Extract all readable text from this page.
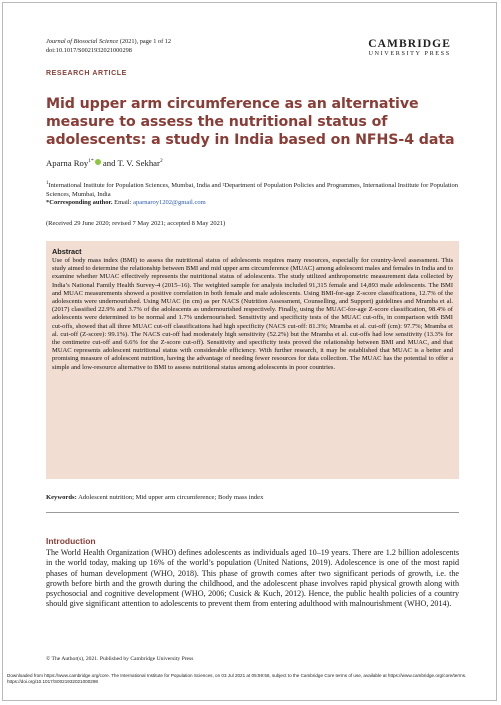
Journal of Biosocial Science (2021), page 1 of 12
doi:10.1017/S0021932021000298
CAMBRIDGE
UNIVERSITY PRESS
RESEARCH ARTICLE
Mid upper arm circumference as an alternative measure to assess the nutritional status of adolescents: a study in India based on NFHS-4 data
Aparna Roy$^{1*}$ and T. V. Sekhar$^2$
$^1$International Institute for Population Sciences, Mumbai, India and ²Department of Population Policies and Programmes, International Institute for Population Sciences, Mumbai, India
*Corresponding author. Email: aparnaroy1202@gmail.com
(Received 29 June 2020; revised 7 May 2021; accepted 8 May 2021)
Abstract
Use of body mass index (BMI) to assess the nutritional status of adolescents requires many resources, especially for country-level assessment. This study aimed to determine the relationship between BMI and mid upper arm circumference (MUAC) among adolescent males and females in India and to examine whether MUAC effectively represents the nutritional status of adolescents. The study utilized anthropometric measurement data collected by India’s National Family Health Survey-4 (2015–16). The weighted sample for analysis included 91,315 female and 14,893 male adolescents. The BMI and MUAC measurements showed a positive correlation in both female and male adolescents. Using BMI-for-age Z-score classifications, 12.7% of the adolescents were undernourished. Using MUAC (in cm) as per NACS (Nutrition Assessment, Counselling, and Support) guidelines and Mramba et al. (2017) classified 22.9% and 3.7% of the adolescents as undernourished respectively. Finally, using the MUAC-for-age Z-score classification, 98.4% of adolescents were determined to be normal and 1.7% undernourished. Sensitivity and specificity tests of the MUAC cut-offs, in comparison with BMI cut-offs, showed that all three MUAC cut-off classifications had high specificity (NACS cut-off: 81.3%; Mramba et al. cut-off (cm): 97.7%; Mramba et al. cut-off (Z-score): 99.1%). The NACS cut-off had moderately high sensitivity (52.2%) but the Mramba et al. cut-offs had low sensitivity (13.3% for the centimetre cut-off and 6.6% for the Z-score cut-off). Sensitivity and specificity tests proved the relationship between BMI and MUAC, and that MUAC represents adolescent nutritional status with considerable efficiency. With further research, it may be established that MUAC is a better and promising measure of adolescent nutrition, having the advantage of needing fewer resources for data collection. The MUAC has the potential to offer a simple and low-resource alternative to BMI to assess nutritional status among adolescents in poor countries.
Keywords: Adolescent nutrition; Mid upper arm circumference; Body mass index
Introduction
The World Health Organization (WHO) defines adolescents as individuals aged 10–19 years. There are 1.2 billion adolescents in the world today, making up 16% of the world’s population (United Nations, 2019). Adolescence is one of the most rapid phases of human development (WHO, 2018). This phase of growth comes after two significant periods of growth, i.e. the growth before birth and the growth during the childhood, and the adolescent phase involves rapid physical growth along with psychosocial and cognitive development (WHO, 2006; Cusick & Kuch, 2012). Hence, the public health policies of a country should give significant attention to adolescents to prevent them from entering adulthood with malnourishment (WHO, 2014).
© The Author(s), 2021. Published by Cambridge University Press
Downloaded from https://www.cambridge.org/core. The International Institute for Population Sciences, on 03 Jul 2021 at 05:59:56, subject to the Cambridge Core terms of use, available at https://www.cambridge.org/core/terms. https://doi.org/10.1017/S0021932021000298
